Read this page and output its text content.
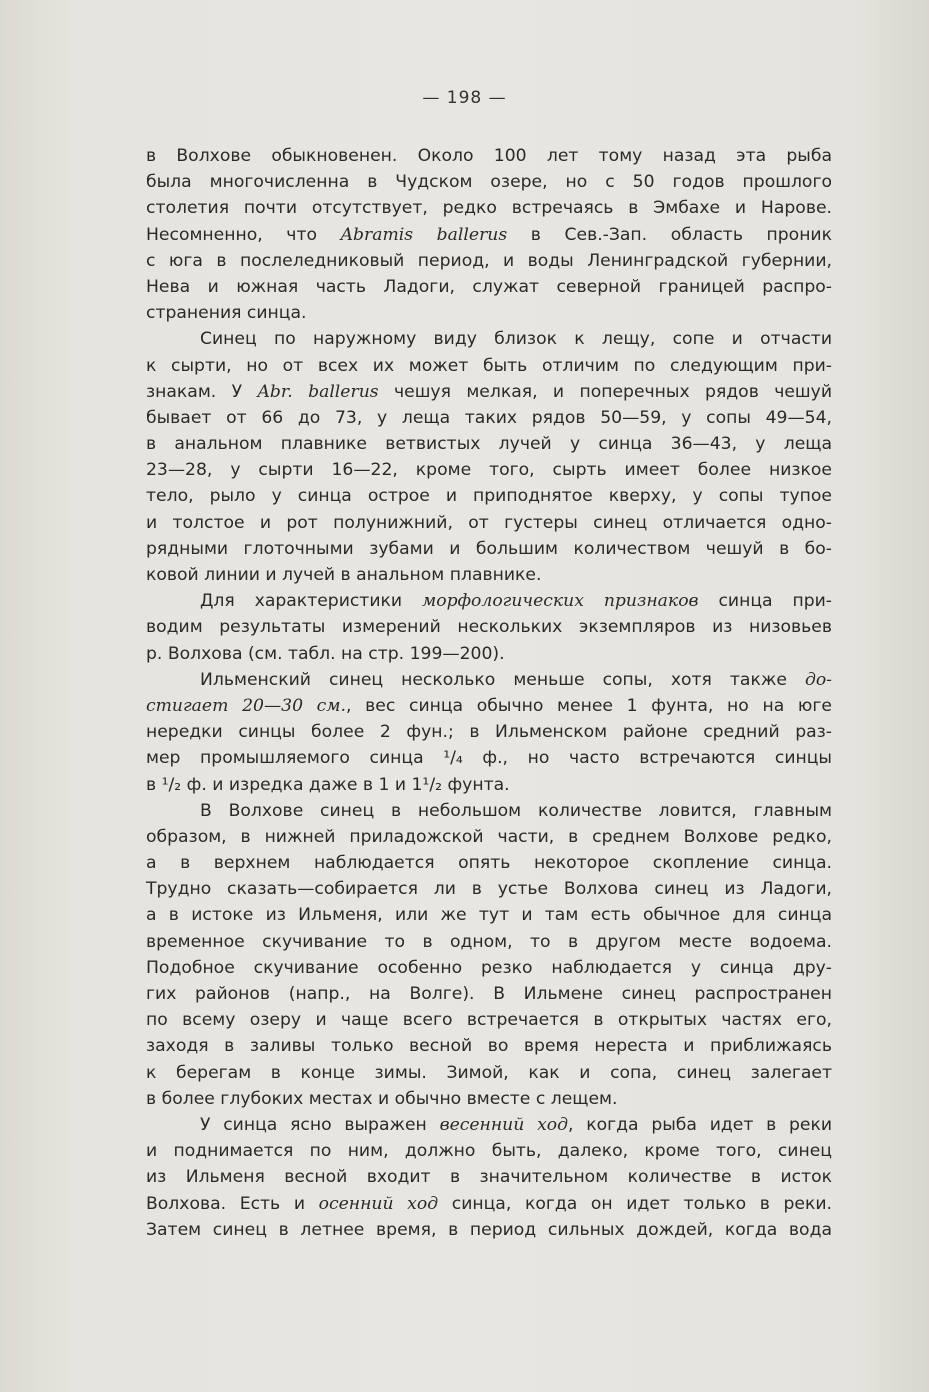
— 198 —
в Волхове обыкновенен. Около 100 лет тому назад эта рыба
была многочисленна в Чудском озере, но с 50 годов прошлого
столетия почти отсутствует, редко встречаясь в Эмбахе и Нарове.
Несомненно, что Abramis ballerus в Сев.-Зап. область проник
с юга в послеледниковый период, и воды Ленинградской губернии,
Нева и южная часть Ладоги, служат северной границей распро-
странения синца.
Синец по наружному виду близок к лещу, сопе и отчасти
к сырти, но от всех их может быть отличим по следующим при-
знакам. У Abr. ballerus чешуя мелкая, и поперечных рядов чешуй
бывает от 66 до 73, у леща таких рядов 50—59, у сопы 49—54,
в анальном плавнике ветвистых лучей у синца 36—43, у леща
23—28, у сырти 16—22, кроме того, сырть имеет более низкое
тело, рыло у синца острое и приподнятое кверху, у сопы тупое
и толстое и рот полунижний, от густеры синец отличается одно-
рядными глоточными зубами и большим количеством чешуй в бо-
ковой линии и лучей в анальном плавнике.
Для характеристики морфологических признаков синца при-
водим результаты измерений нескольких экземпляров из низовьев
р. Волхова (см. табл. на стр. 199—200).
Ильменский синец несколько меньше сопы, хотя также до-
стигает 20—30 см., вес синца обычно менее 1 фунта, но на юге
нередки синцы более 2 фун.; в Ильменском районе средний раз-
мер промышляемого синца ¹/₄ ф., но часто встречаются синцы
в ¹/₂ ф. и изредка даже в 1 и 1¹/₂ фунта.
В Волхове синец в небольшом количестве ловится, главным
образом, в нижней приладожской части, в среднем Волхове редко,
а в верхнем наблюдается опять некоторое скопление синца.
Трудно сказать—собирается ли в устье Волхова синец из Ладоги,
а в истоке из Ильменя, или же тут и там есть обычное для синца
временное скучивание то в одном, то в другом месте водоема.
Подобное скучивание особенно резко наблюдается у синца дру-
гих районов (напр., на Волге). В Ильмене синец распространен
по всему озеру и чаще всего встречается в открытых частях его,
заходя в заливы только весной во время нереста и приближаясь
к берегам в конце зимы. Зимой, как и сопа, синец залегает
в более глубоких местах и обычно вместе с лещем.
У синца ясно выражен весенний ход, когда рыба идет в реки
и поднимается по ним, должно быть, далеко, кроме того, синец
из Ильменя весной входит в значительном количестве в исток
Волхова. Есть и осенний ход синца, когда он идет только в реки.
Затем синец в летнее время, в период сильных дождей, когда вода
